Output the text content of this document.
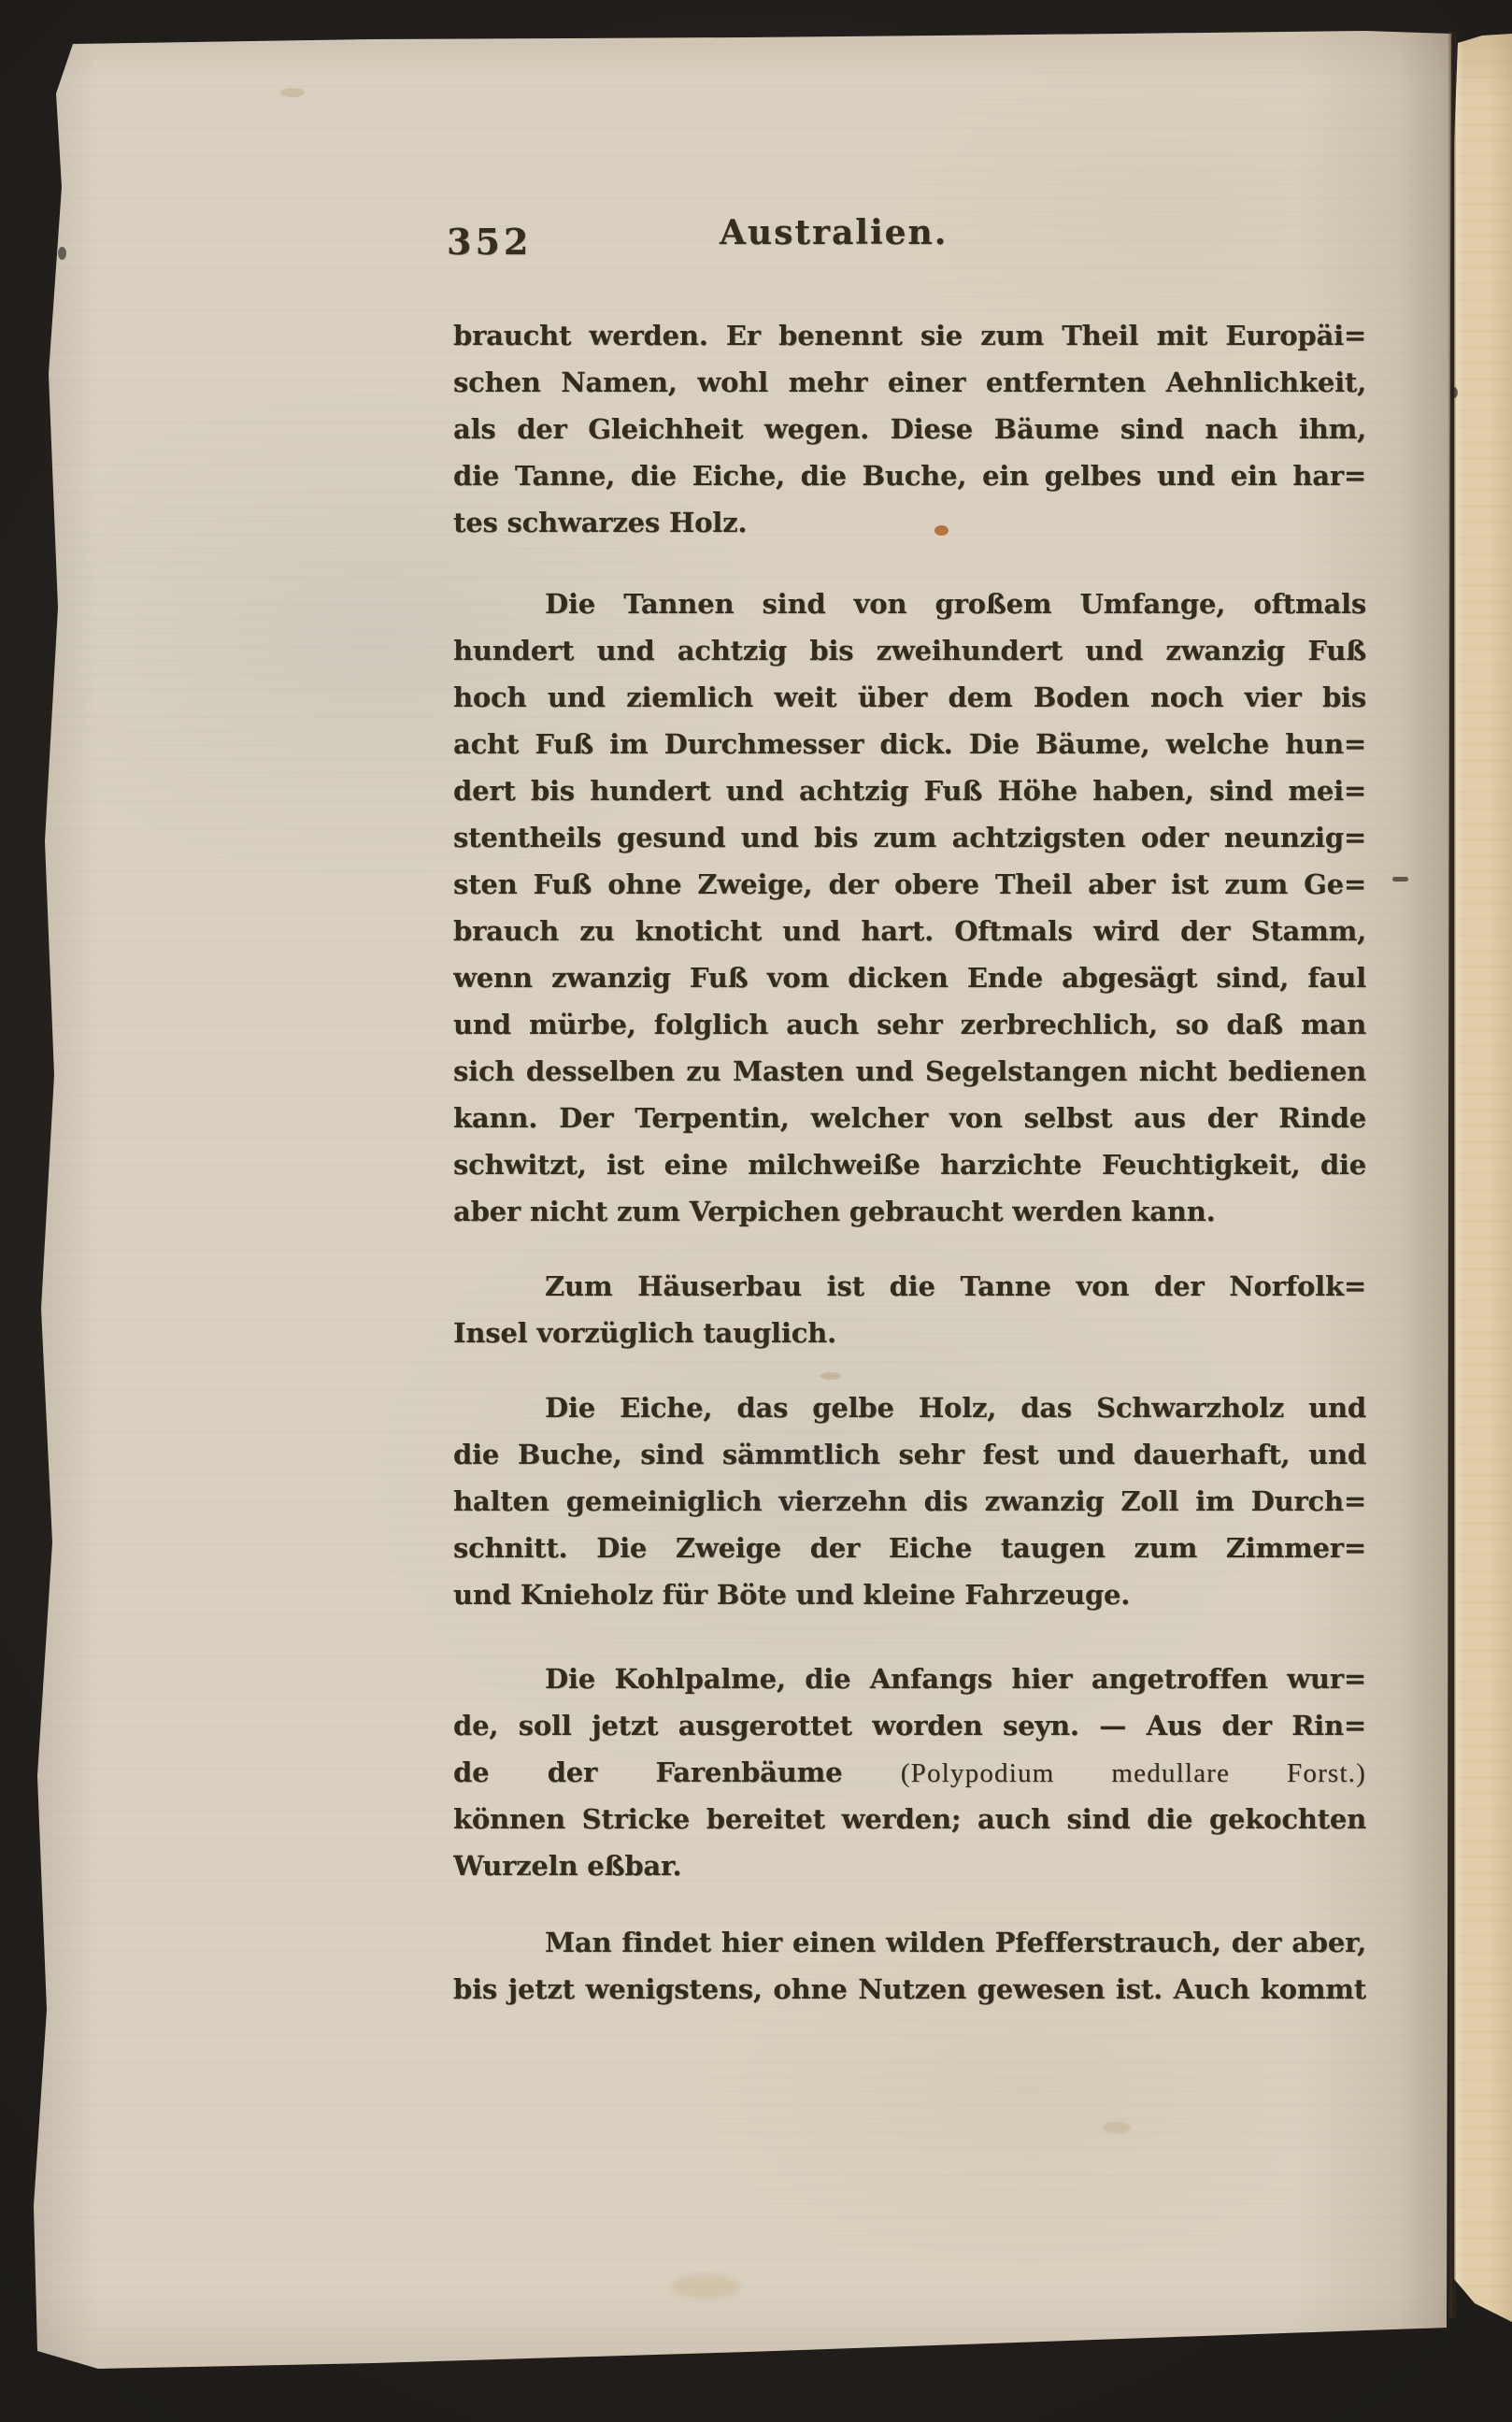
352	Australien.
braucht werden. Er benennt sie zum Theil mit Europäi=
schen Namen, wohl mehr einer entfernten Aehnlichkeit,
als der Gleichheit wegen. Diese Bäume sind nach ihm,
die Tanne, die Eiche, die Buche, ein gelbes und ein har=
tes schwarzes Holz.
Die Tannen sind von großem Umfange, oftmals
hundert und achtzig bis zweihundert und zwanzig Fuß
hoch und ziemlich weit über dem Boden noch vier bis
acht Fuß im Durchmesser dick. Die Bäume, welche hun=
dert bis hundert und achtzig Fuß Höhe haben, sind mei=
stentheils gesund und bis zum achtzigsten oder neunzig=
sten Fuß ohne Zweige, der obere Theil aber ist zum Ge=
brauch zu knoticht und hart. Oftmals wird der Stamm,
wenn zwanzig Fuß vom dicken Ende abgesägt sind, faul
und mürbe, folglich auch sehr zerbrechlich, so daß man
sich desselben zu Masten und Segelstangen nicht bedienen
kann. Der Terpentin, welcher von selbst aus der Rinde
schwitzt, ist eine milchweiße harzichte Feuchtigkeit, die
aber nicht zum Verpichen gebraucht werden kann.
Zum Häuserbau ist die Tanne von der Norfolk=
Insel vorzüglich tauglich.
Die Eiche, das gelbe Holz, das Schwarzholz und
die Buche, sind sämmtlich sehr fest und dauerhaft, und
halten gemeiniglich vierzehn dis zwanzig Zoll im Durch=
schnitt. Die Zweige der Eiche taugen zum Zimmer=
und Knieholz für Böte und kleine Fahrzeuge.
Die Kohlpalme, die Anfangs hier angetroffen wur=
de, soll jetzt ausgerottet worden seyn. — Aus der Rin=
de der Farenbäume (Polypodium medullare Forst.)
können Stricke bereitet werden; auch sind die gekochten
Wurzeln eßbar.
Man findet hier einen wilden Pfefferstrauch, der aber,
bis jetzt wenigstens, ohne Nutzen gewesen ist. Auch kommt
